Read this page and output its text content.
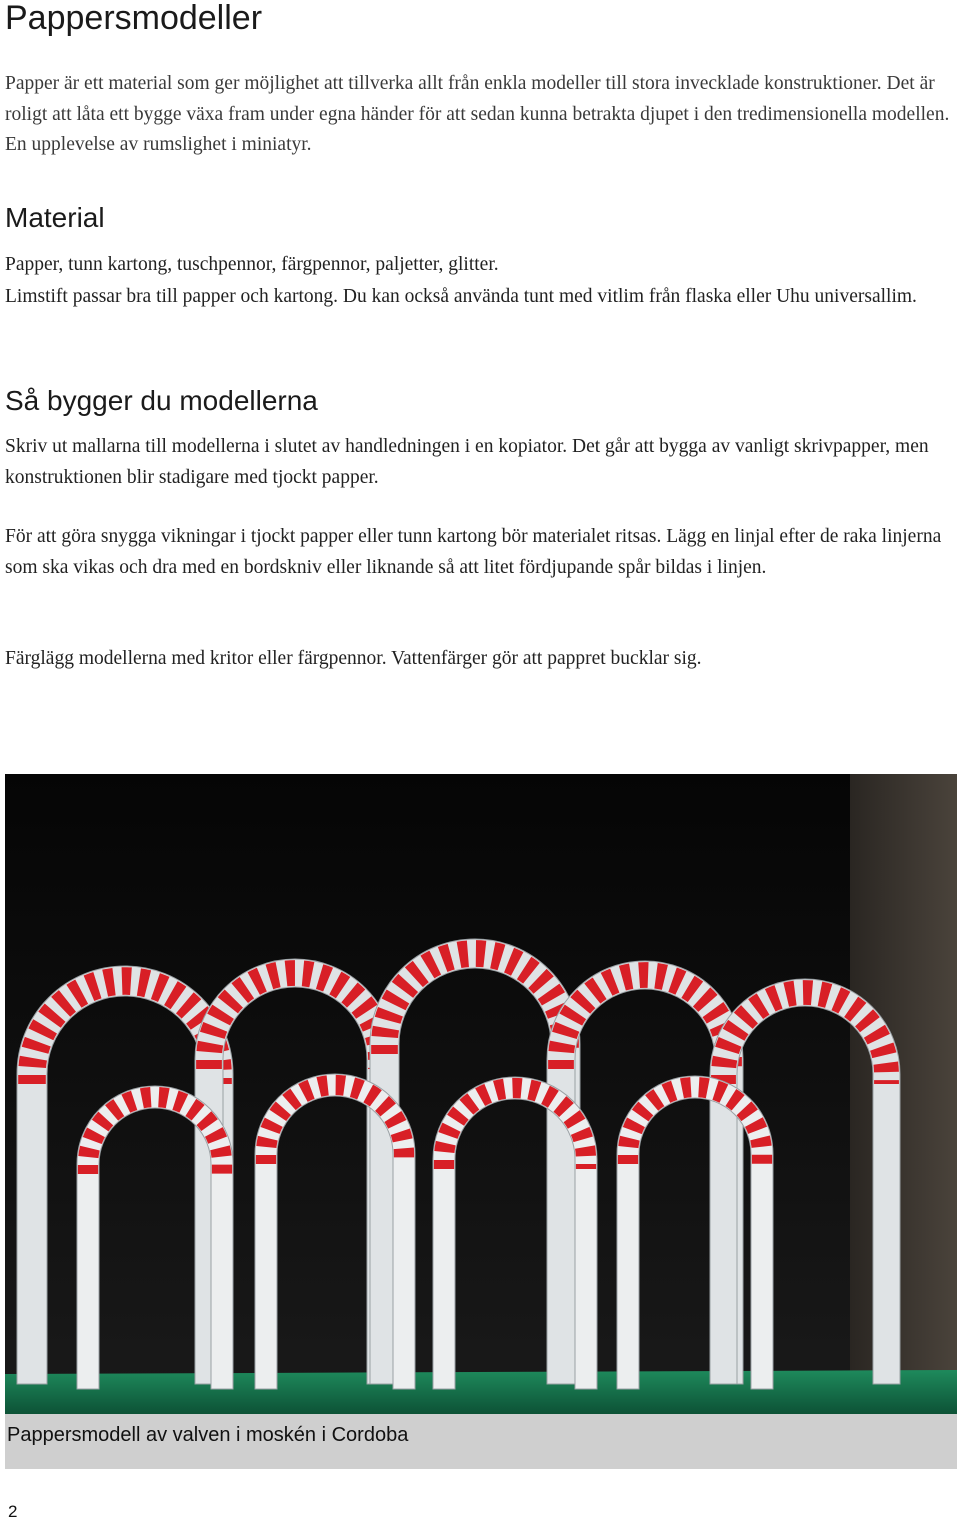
Pappersmodeller

Papper är ett material som ger möjlighet att tillverka allt från enkla modeller till stora invecklade konstruktioner. Det är roligt att låta ett bygge växa fram under egna händer för att sedan kunna betrakta djupet i den tredimensionella modellen. En upplevelse av rumslighet i miniatyr.

Material

Papper, tunn kartong, tuschpennor, färgpennor, paljetter, glitter.

Limstift passar bra till papper och kartong. Du kan också använda tunt med vitlim från flaska eller Uhu universallim.

Så bygger du modellerna

Skriv ut mallarna till modellerna i slutet av handledningen i en kopiator. Det går att bygga av vanligt skrivpapper, men konstruktionen blir stadigare med tjockt papper.

För att göra snygga vikningar i tjockt papper eller tunn kartong bör materialet ritsas. Lägg en linjal efter de raka linjerna som ska vikas och dra med en bordskniv eller liknande så att litet fördjupande spår bildas i linjen.

Färglägg modellerna med kritor eller färgpennor. Vattenfärger gör att pappret bucklar sig.

Pappersmodell av valven i moskén i Cordoba

2
